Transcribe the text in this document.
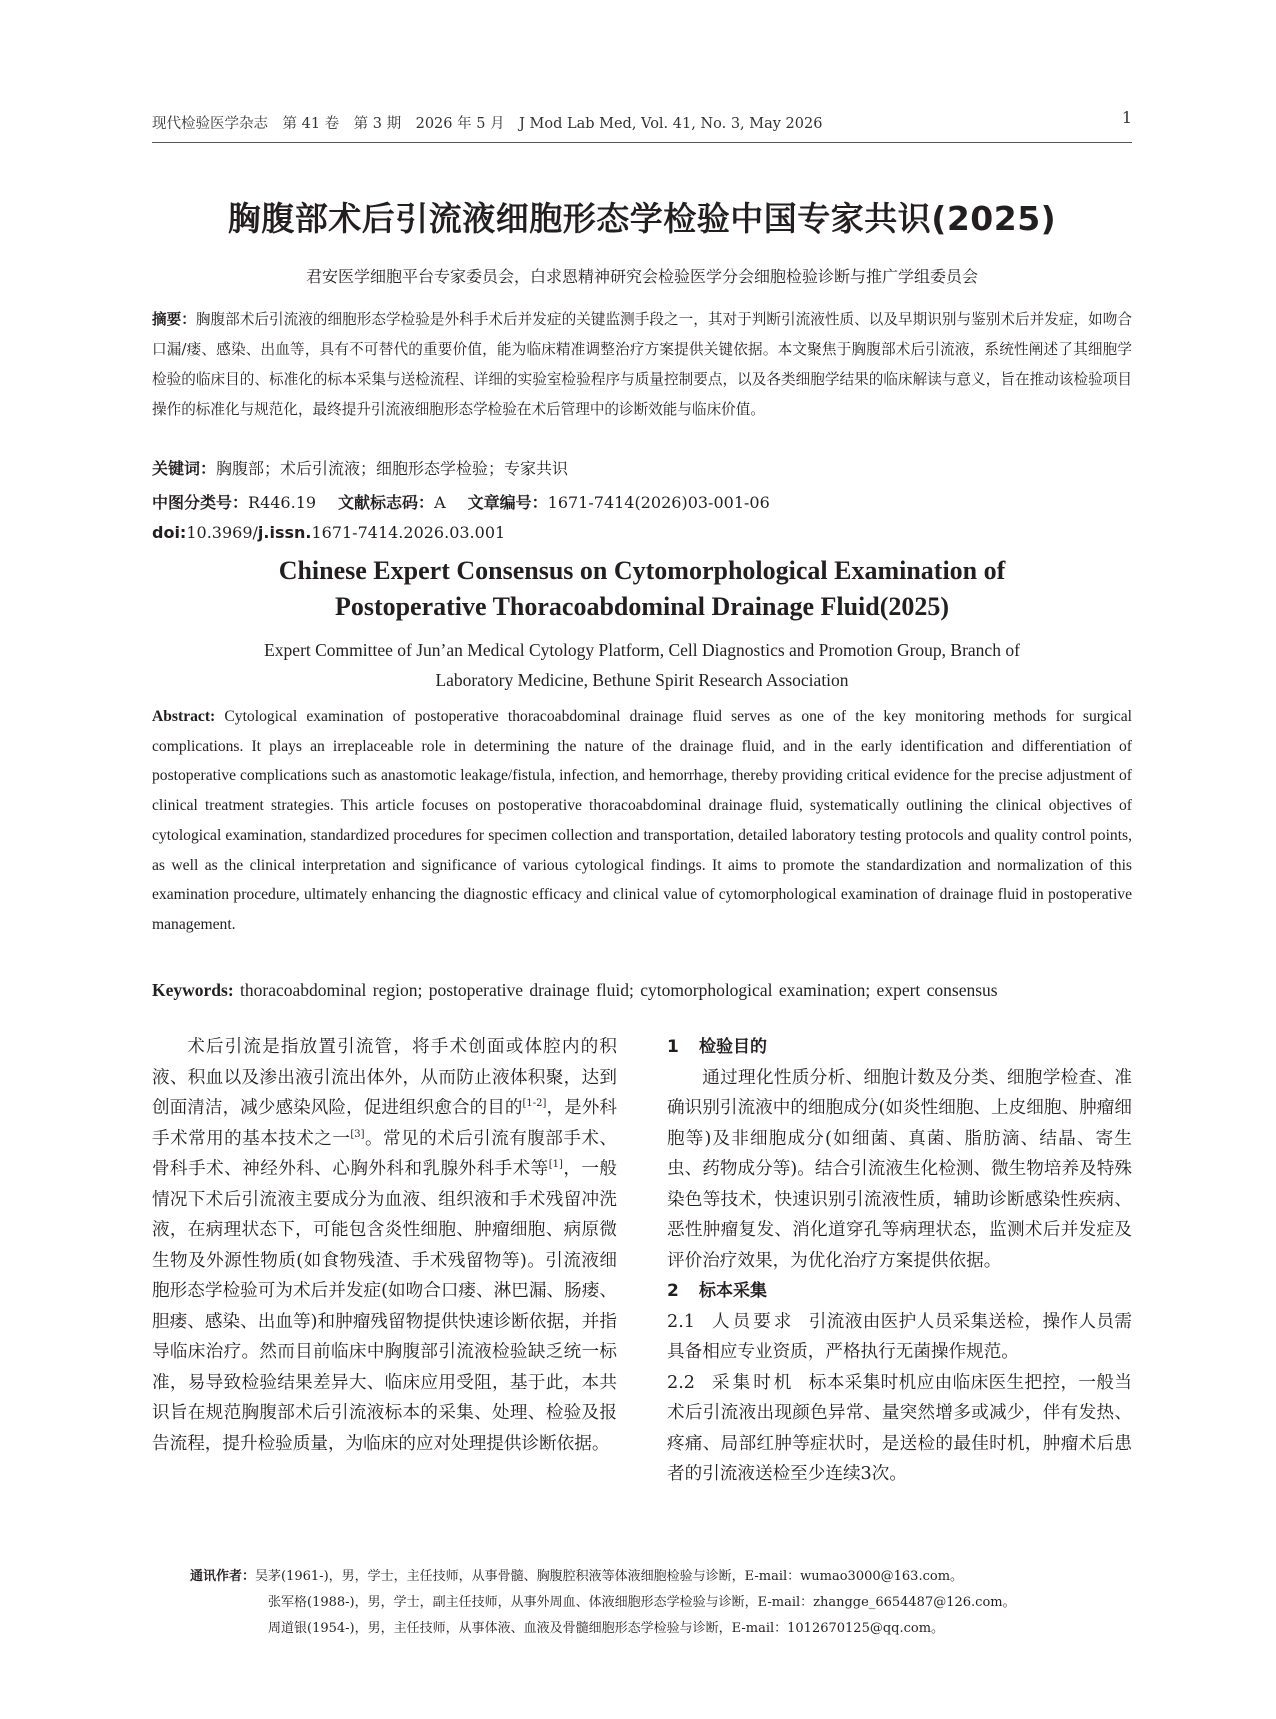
现代检验医学杂志　第 41 卷　第 3 期　2026 年 5 月　J Mod Lab Med, Vol. 41, No. 3, May 2026	1
胸腹部术后引流液细胞形态学检验中国专家共识(2025)
君安医学细胞平台专家委员会，白求恩精神研究会检验医学分会细胞检验诊断与推广学组委员会
摘要：胸腹部术后引流液的细胞形态学检验是外科手术后并发症的关键监测手段之一，其对于判断引流液性质、以及早期识别与鉴别术后并发症，如吻合口漏/瘘、感染、出血等，具有不可替代的重要价值，能为临床精准调整治疗方案提供关键依据。本文聚焦于胸腹部术后引流液，系统性阐述了其细胞学检验的临床目的、标准化的标本采集与送检流程、详细的实验室检验程序与质量控制要点，以及各类细胞学结果的临床解读与意义，旨在推动该检验项目操作的标准化与规范化，最终提升引流液细胞形态学检验在术后管理中的诊断效能与临床价值。
关键词：胸腹部；术后引流液；细胞形态学检验；专家共识
中图分类号：R446.19 文献标志码：A 文章编号：1671-7414(2026)03-001-06
doi:10.3969/j.issn.1671-7414.2026.03.001
Chinese Expert Consensus on Cytomorphological Examination of
Postoperative Thoracoabdominal Drainage Fluid(2025)
Expert Committee of Jun’an Medical Cytology Platform, Cell Diagnostics and Promotion Group, Branch of
Laboratory Medicine, Bethune Spirit Research Association
Abstract: Cytological examination of postoperative thoracoabdominal drainage fluid serves as one of the key monitoring methods for surgical complications. It plays an irreplaceable role in determining the nature of the drainage fluid, and in the early identification and differentiation of postoperative complications such as anastomotic leakage/fistula, infection, and hemorrhage, thereby providing critical evidence for the precise adjustment of clinical treatment strategies. This article focuses on postoperative thoracoabdominal drainage fluid, systematically outlining the clinical objectives of cytological examination, standardized procedures for specimen collection and transportation, detailed laboratory testing protocols and quality control points, as well as the clinical interpretation and significance of various cytological findings. It aims to promote the standardization and normalization of this examination procedure, ultimately enhancing the diagnostic efficacy and clinical value of cytomorphological examination of drainage fluid in postoperative management.
Keywords: thoracoabdominal region; postoperative drainage fluid; cytomorphological examination; expert consensus

术后引流是指放置引流管，将手术创面或体腔内的积液、积血以及渗出液引流出体外，从而防止液体积聚，达到创面清洁，减少感染风险，促进组织愈合的目的[1-2]，是外科手术常用的基本技术之一[3]。常见的术后引流有腹部手术、骨科手术、神经外科、心胸外科和乳腺外科手术等[1]，一般情况下术后引流液主要成分为血液、组织液和手术残留冲洗液，在病理状态下，可能包含炎性细胞、肿瘤细胞、病原微生物及外源性物质(如食物残渣、手术残留物等)。引流液细胞形态学检验可为术后并发症(如吻合口瘘、淋巴漏、肠瘘、胆瘘、感染、出血等)和肿瘤残留物提供快速诊断依据，并指导临床治疗。然而目前临床中胸腹部引流液检验缺乏统一标准，易导致检验结果差异大、临床应用受阻，基于此，本共识旨在规范胸腹部术后引流液标本的采集、处理、检验及报告流程，提升检验质量，为临床的应对处理提供诊断依据。

1 检验目的

通过理化性质分析、细胞计数及分类、细胞学检查、准确识别引流液中的细胞成分(如炎性细胞、上皮细胞、肿瘤细胞等)及非细胞成分(如细菌、真菌、脂肪滴、结晶、寄生虫、药物成分等)。结合引流液生化检测、微生物培养及特殊染色等技术，快速识别引流液性质，辅助诊断感染性疾病、恶性肿瘤复发、消化道穿孔等病理状态，监测术后并发症及评价治疗效果，为优化治疗方案提供依据。

2 标本采集

2.1 人员要求 引流液由医护人员采集送检，操作人员需具备相应专业资质，严格执行无菌操作规范。

2.2 采集时机 标本采集时机应由临床医生把控，一般当术后引流液出现颜色异常、量突然增多或减少，伴有发热、疼痛、局部红肿等症状时，是送检的最佳时机，肿瘤术后患者的引流液送检至少连续3次。

通讯作者：吴茅(1961-)，男，学士，主任技师，从事骨髓、胸腹腔积液等体液细胞检验与诊断，E-mail：wumao3000@163.com。
张军格(1988-)，男，学士，副主任技师，从事外周血、体液细胞形态学检验与诊断，E-mail：zhangge_6654487@126.com。
周道银(1954-)，男，主任技师，从事体液、血液及骨髓细胞形态学检验与诊断，E-mail：1012670125@qq.com。
